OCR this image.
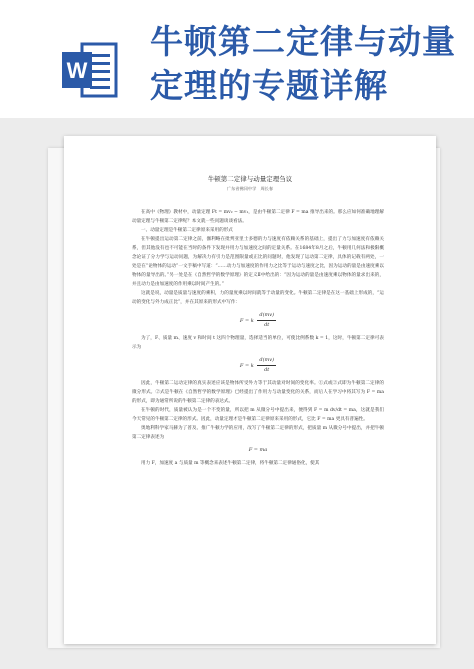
W
牛顿第二定律与动量定理的专题详解
牛顿第二定律与动量定理刍议
广东省佛冈中学　周长春

在高中《物理》教材中，动量定理 Ft = mv₂ − mv₁，是由牛顿第二定律 F = ma 推导出来的。那么应如何准确地理解动量定理与牛顿第二定律呢？本文就一些问题谈谈看法。

一、动量定理是牛顿第二定律原来采用的形式

在牛顿提出运动第二定律之前，伽利略在批判亚里士多德的力与速度有依赖关系的基础上，提出了力与加速度有依赖关系，但其他没有也不可能在当时的条件下发现并用力与加速度之间的定量关系。在1684年8月之后，牛顿用几何法和极限概念论证了分力学与运动问题，为解决力有引力是范围限量或正比的问题时，他发现了运动第二定律，具体的记载有两处，一处是在“论物体的运动”一文手稿中写道：“……动力与加速度的作用力之比等于运动与速度之比，因为运动的量是由速度乘以物体的量导出的。”另一处是在《自然哲学的数学原理》的定义Ⅱ中给出的：“因为运动的量是由速度乘以物体的量求出来的，并且动力是由加速度的作用乘以时间产生的。”

这就是说，动量是质量与速度的乘积，力的量度乘以时间就等于动量的变化。牛顿第二定律是在这一基础上形成的，“运动的变化与外力成正比”，并在其原来的形式中写作：

F = k $\frac{d(mv)}{dt}$

为了，F、质量 m、速度 v 和时间 t 这四个物理量，选择适当的单位，可使比例系数 k = 1，这时，牛顿第二定律可表示为

F = k $\frac{d(mv)}{dt}$

因此，牛顿第二运动定律的真实表述应该是物体所受外力等于其动量对时间的变化率。①式或②式即为牛顿第二定律的微分形式。②式是牛顿在《自然哲学的数学原理》已经提出了作用力与动量变化的关系，而后人在学习中将其写为 F = ma 的形式，即为通常所说的牛顿第二定律的表达式。

在牛顿的时代，质量被认为是一个不变的量，所以把 m 从微分号中提出来，便得到 F = m dv/dt = ma，这就是我们今天常见的牛顿第二定律的形式。因此，动量定理才是牛顿第二定律原来采用的形式，它比 F = ma 更具有普遍性。

奥地利科学家马赫为了普及、推广牛顿力学的应用，改写了牛顿第二定律的形式，把质量 m 从微分号中提出，并把牛顿第二定律表述为

F = ma

用力 F，加速度 a 与质量 m 等概念来表述牛顿第二定律，将牛顿第二定律通俗化，使其
